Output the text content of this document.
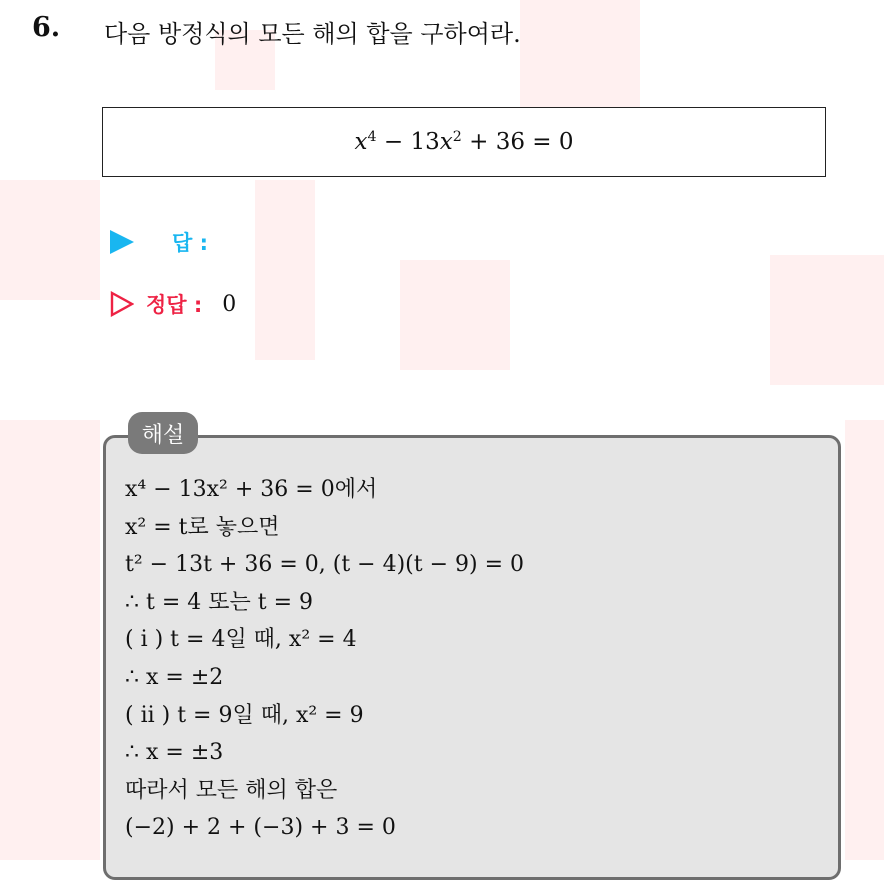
6. 다음 방정식의 모든 해의 합을 구하여라.
$x^4 - 13x^2 + 36 = 0$
답 :
정답 : 0
해설
x⁴ − 13x² + 36 = 0에서
x² = t로 놓으면
t² − 13t + 36 = 0, (t − 4)(t − 9) = 0
∴ t = 4 또는 t = 9
( i ) t = 4일 때, x² = 4
∴ x = ±2
( ii ) t = 9일 때, x² = 9
∴ x = ±3
따라서 모든 해의 합은
(−2) + 2 + (−3) + 3 = 0
